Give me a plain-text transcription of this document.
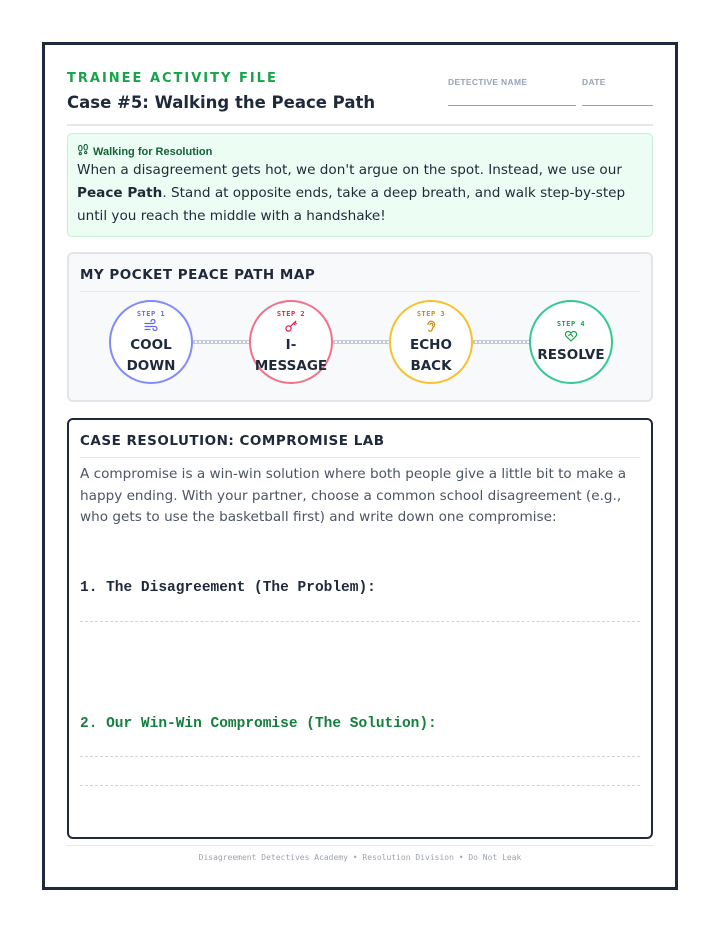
TRAINEE ACTIVITY FILE
Case #5: Walking the Peace Path
DETECTIVE NAME	DATE
Walking for Resolution
When a disagreement gets hot, we don't argue on the spot. Instead, we use our Peace Path. Stand at opposite ends, take a deep breath, and walk step-by-step until you reach the middle with a handshake!
MY POCKET PEACE PATH MAP
STEP 1
COOL
DOWN
STEP 2
I-
MESSAGE
STEP 3
ECHO
BACK
STEP 4
RESOLVE
CASE RESOLUTION: COMPROMISE LAB
A compromise is a win-win solution where both people give a little bit to make a happy ending. With your partner, choose a common school disagreement (e.g., who gets to use the basketball first) and write down one compromise:
1. The Disagreement (The Problem):
2. Our Win-Win Compromise (The Solution):
Disagreement Detectives Academy • Resolution Division • Do Not Leak
